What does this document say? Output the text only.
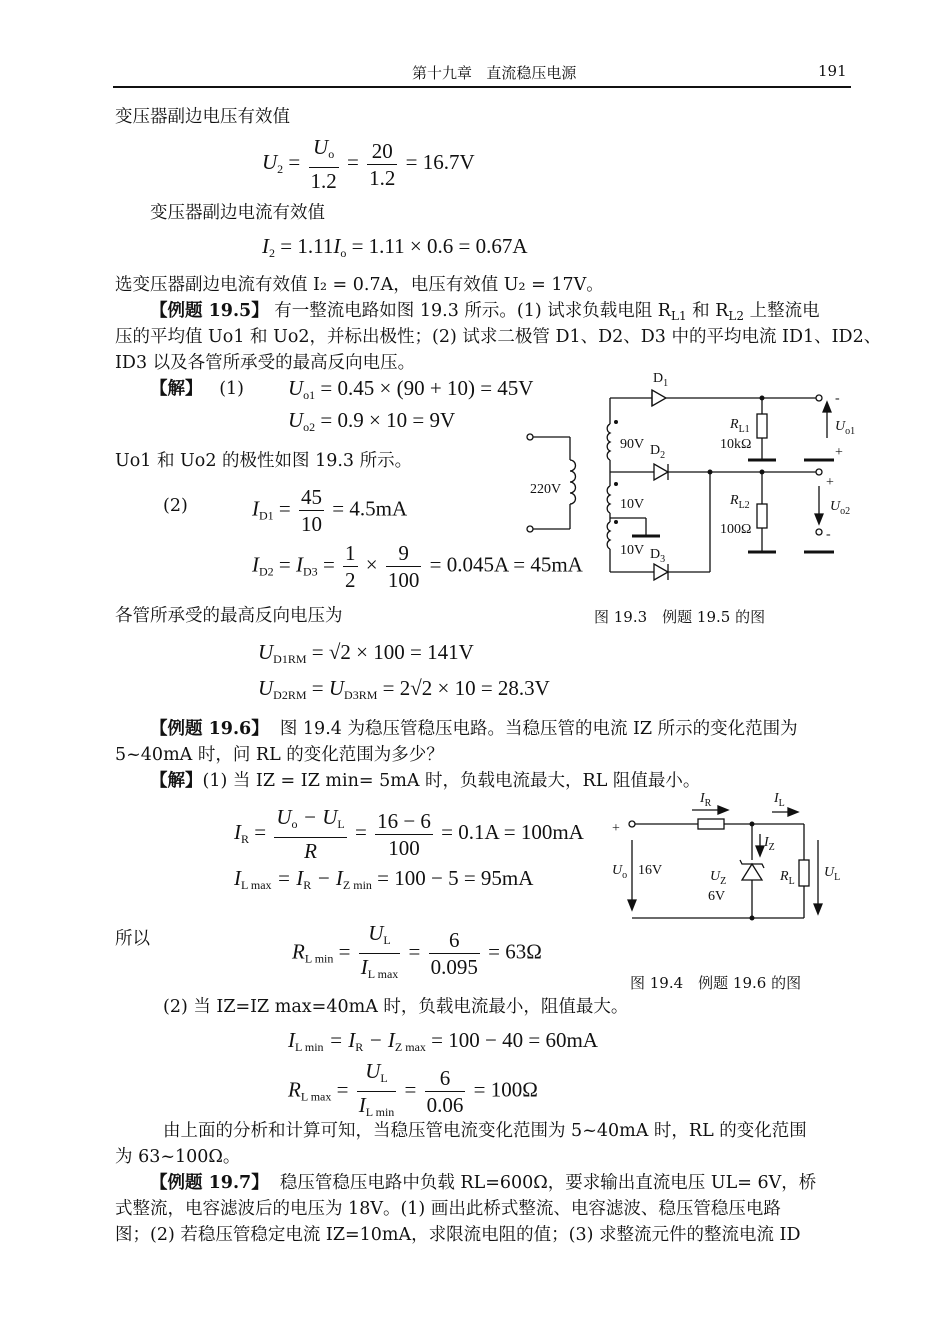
第十九章 直流稳压电源	191
变压器副边电压有效值
$U_2 = \frac{U_o}{1.2} = \frac{20}{1.2} = 16.7V$
变压器副边电流有效值
$I_2 = 1.11I_o = 1.11 \times 0.6 = 0.67A$
选变压器副边电流有效值 I₂ = 0.7A，电压有效值 U₂ = 17V。
【例题 19.5】 有一整流电路如图 19.3 所示。(1) 试求负载电阻 $R_{L1}$ 和 $R_{L2}$ 上整流电
压的平均值 Uo1 和 Uo2，并标出极性；(2) 试求二极管 D1、D2、D3 中的平均电流 ID1、ID2、
ID3 以及各管所承受的最高反向电压。
【解】 (1) $U_{o1} = 0.45 \times (90 + 10) = 45V$
$U_{o2} = 0.9 \times 10 = 9V$
Uo1 和 Uo2 的极性如图 19.3 所示。
(2)	$I_{D1} = \frac{45}{10} = 4.5mA$
$I_{D2} = I_{D3} = \frac{1}{2} \times \frac{9}{100} = 0.045A = 45mA$
各管所承受的最高反向电压为
$U_{D1RM} = √2 \times 100 = 141V$
$U_{D2RM} = U_{D3RM} = 2√2 \times 10 = 28.3V$
220V
90V
10V
10V
$D_1$
$D_2$
$D_3$
$R_{L1}$
10kΩ
$R_{L2}$
100Ω
$U_{o1}$
$U_{o2}$
-
+
+
-
图 19.3　例题 19.5 的图
【例题 19.6】 图 19.4 为稳压管稳压电路。当稳压管的电流 IZ 所示的变化范围为
5~40mA 时，问 RL 的变化范围为多少？
【解】(1) 当 IZ = IZ min= 5mA 时，负载电流最大，RL 阻值最小。
$I_R = \frac{U_o - U_L}{R} = \frac{16 - 6}{100} = 0.1A = 100mA$
$I_{L max} = I_R - I_{Z min} = 100 - 5 = 95mA$
所以
$R_{L min} = \frac{U_L}{I_{L max}} = \frac{6}{0.095} = 63\Omega$
+
$I_R$	$I_L$
$I_Z$
$U_o$ 16V	$U_Z$
6V
$R_L$
$U_L$
图 19.4　例题 19.6 的图
(2) 当 IZ=IZ max=40mA 时，负载电流最小，阻值最大。
$I_{L min} = I_R - I_{Z max} = 100 - 40 = 60mA$
$R_{L max} = \frac{U_L}{I_{L min}} = \frac{6}{0.06} = 100\Omega$
由上面的分析和计算可知，当稳压管电流变化范围为 5~40mA 时，RL 的变化范围
为 63~100Ω。
【例题 19.7】 稳压管稳压电路中负载 RL=600Ω，要求输出直流电压 UL= 6V，桥
式整流，电容滤波后的电压为 18V。(1) 画出此桥式整流、电容滤波、稳压管稳压电路
图；(2) 若稳压管稳定电流 IZ=10mA，求限流电阻的值；(3) 求整流元件的整流电流 ID
